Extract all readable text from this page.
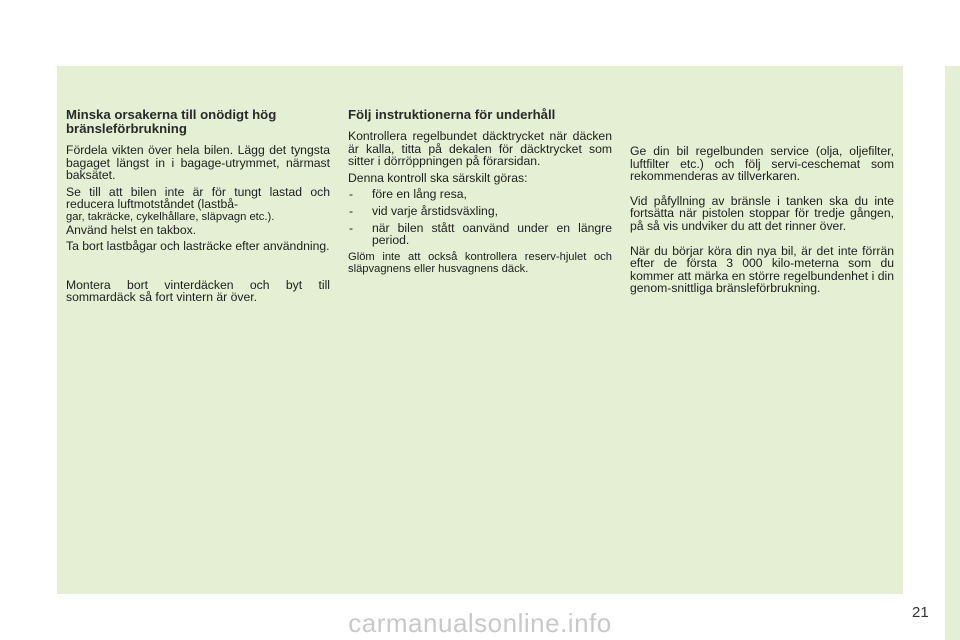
Minska orsakerna till onödigt hög bränsleförbrukning

Fördela vikten över hela bilen. Lägg det tyngsta bagaget längst in i bagage-utrymmet, närmast baksätet.

Se till att bilen inte är för tungt lastad och reducera luftmotståndet (lastbå-

gar, takräcke, cykelhållare, släpvagn etc.).

Använd helst en takbox.

Ta bort lastbågar och lasträcke efter användning.

Montera bort vinterdäcken och byt till sommardäck så fort vintern är över.

Följ instruktionerna för underhåll

Kontrollera regelbundet däcktrycket när däcken är kalla, titta på dekalen för däcktrycket som sitter i dörröppningen på förarsidan.

Denna kontroll ska särskilt göras:

- före en lång resa,

- vid varje årstidsväxling,

- när bilen stått oanvänd under en längre period.

Glöm inte att också kontrollera reserv-hjulet och släpvagnens eller husvagnens däck.

Ge din bil regelbunden service (olja, oljefilter, luftfilter etc.) och följ servi-ceschemat som rekommenderas av tillverkaren.

Vid påfyllning av bränsle i tanken ska du inte fortsätta när pistolen stoppar för tredje gången, på så vis undviker du att det rinner över.

När du börjar köra din nya bil, är det inte förrän efter de första 3 000 kilo-meterna som du kommer att märka en större regelbundenhet i din genom-snittliga bränsleförbrukning.

21
carmanualsonline.info
